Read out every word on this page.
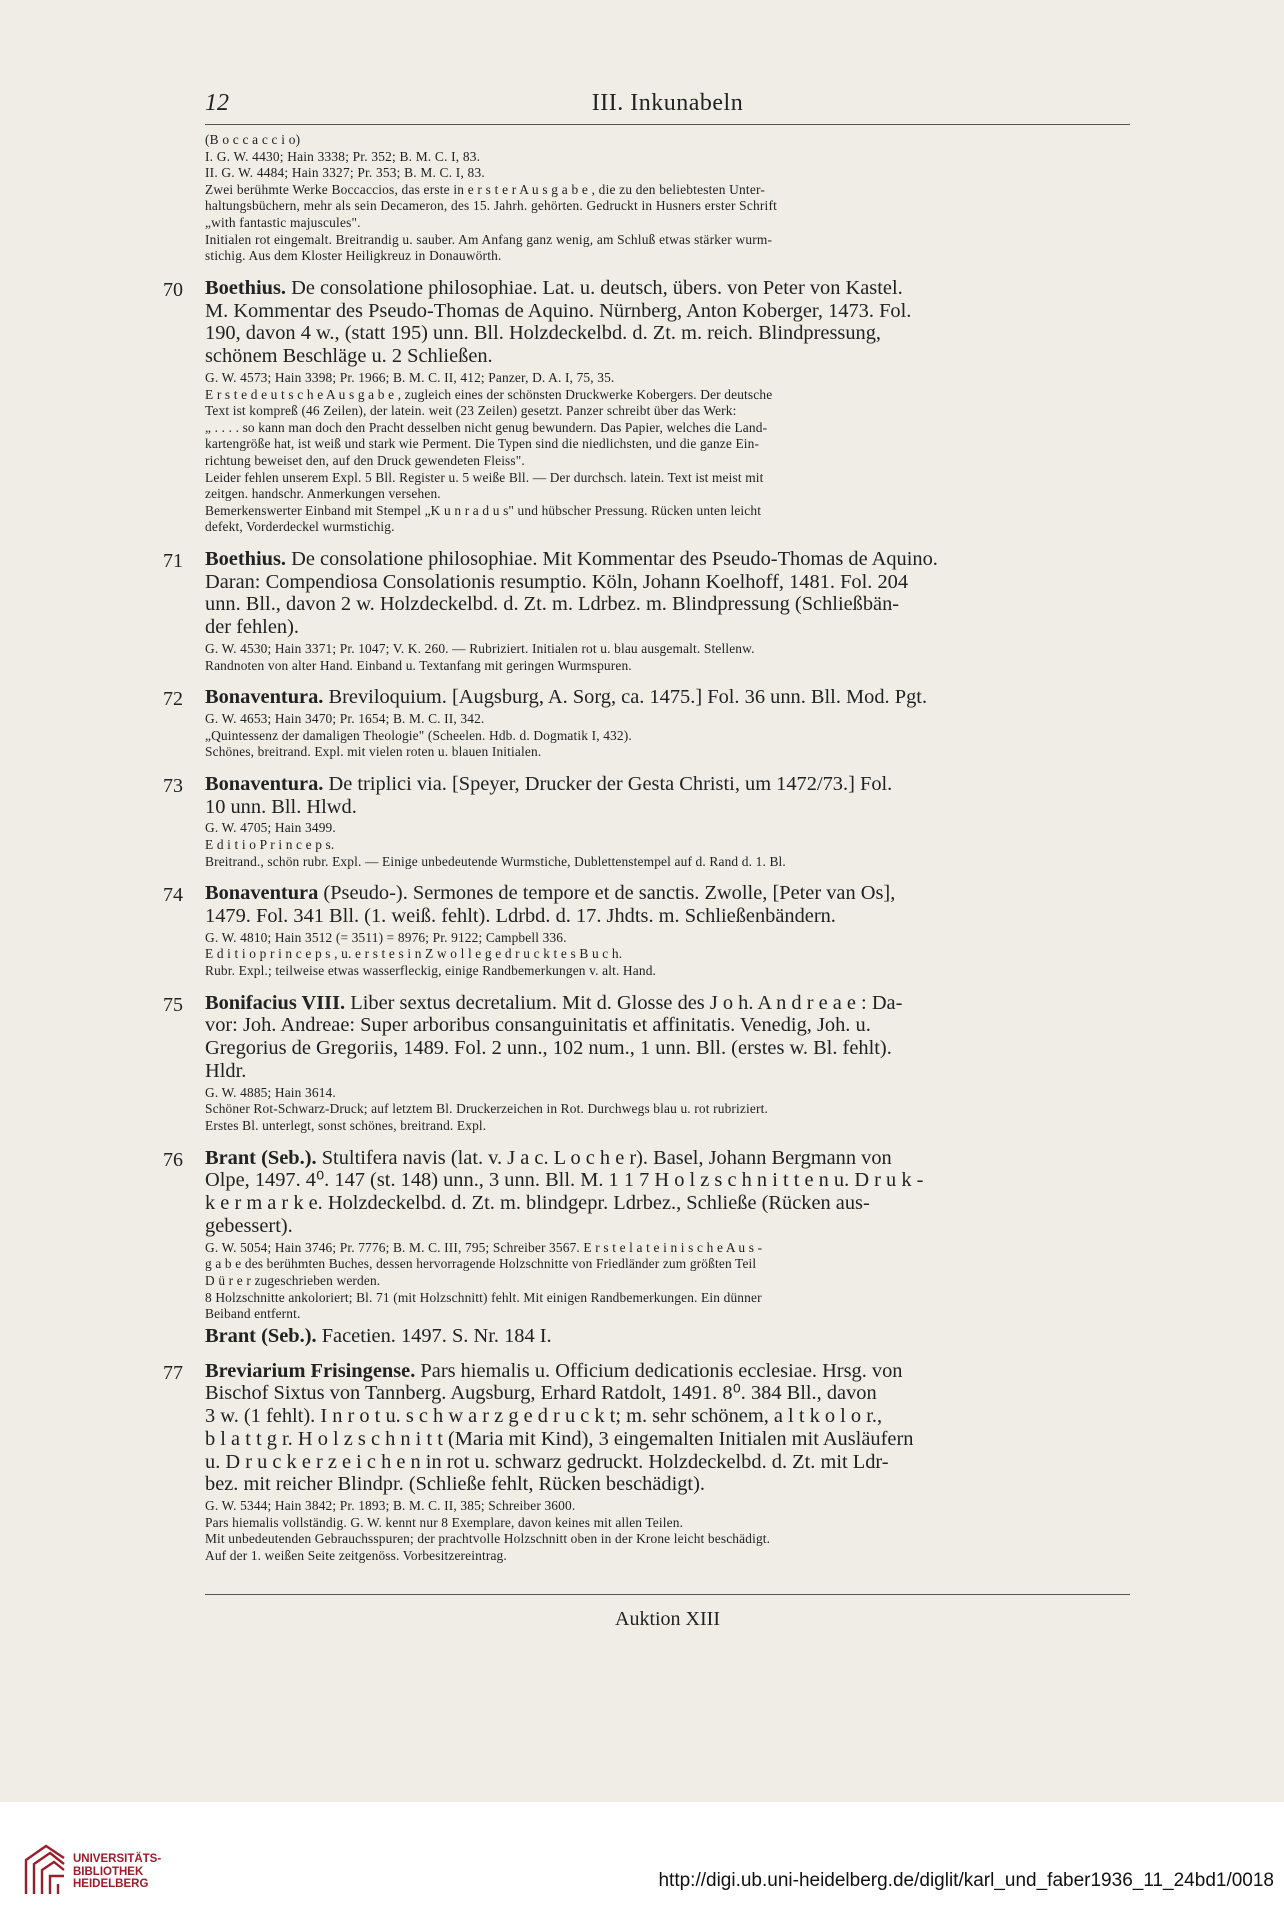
12	III. Inkunabeln
(B o c c a c c i o)
I. G. W. 4430; Hain 3338; Pr. 352; B. M. C. I, 83.
II. G. W. 4484; Hain 3327; Pr. 353; B. M. C. I, 83.
Zwei berühmte Werke Boccaccios, das erste in e r s t e r A u s g a b e , die zu den beliebtesten Unter-
haltungsbüchern, mehr als sein Decameron, des 15. Jahrh. gehörten. Gedruckt in Husners erster Schrift
„with fantastic majuscules".
Initialen rot eingemalt. Breitrandig u. sauber. Am Anfang ganz wenig, am Schluß etwas stärker wurm-
stichig. Aus dem Kloster Heiligkreuz in Donauwörth.
70 Boethius. De consolatione philosophiae. Lat. u. deutsch, übers. von Peter von Kastel.
M. Kommentar des Pseudo-Thomas de Aquino. Nürnberg, Anton Koberger, 1473. Fol.
190, davon 4 w., (statt 195) unn. Bll. Holzdeckelbd. d. Zt. m. reich. Blindpressung,
schönem Beschläge u. 2 Schließen.
G. W. 4573; Hain 3398; Pr. 1966; B. M. C. II, 412; Panzer, D. A. I, 75, 35.
E r s t e d e u t s c h e A u s g a b e , zugleich eines der schönsten Druckwerke Kobergers. Der deutsche
Text ist kompreß (46 Zeilen), der latein. weit (23 Zeilen) gesetzt. Panzer schreibt über das Werk:
„ . . . . so kann man doch den Pracht desselben nicht genug bewundern. Das Papier, welches die Land-
kartengröße hat, ist weiß und stark wie Perment. Die Typen sind die niedlichsten, und die ganze Ein-
richtung beweiset den, auf den Druck gewendeten Fleiss".
Leider fehlen unserem Expl. 5 Bll. Register u. 5 weiße Bll. — Der durchsch. latein. Text ist meist mit
zeitgen. handschr. Anmerkungen versehen.
Bemerkenswerter Einband mit Stempel „K u n r a d u s" und hübscher Pressung. Rücken unten leicht
defekt, Vorderdeckel wurmstichig.
71 Boethius. De consolatione philosophiae. Mit Kommentar des Pseudo-Thomas de Aquino.
Daran: Compendiosa Consolationis resumptio. Köln, Johann Koelhoff, 1481. Fol. 204
unn. Bll., davon 2 w. Holzdeckelbd. d. Zt. m. Ldrbez. m. Blindpressung (Schließbän-
der fehlen).
G. W. 4530; Hain 3371; Pr. 1047; V. K. 260. — Rubriziert. Initialen rot u. blau ausgemalt. Stellenw.
Randnoten von alter Hand. Einband u. Textanfang mit geringen Wurmspuren.
72 Bonaventura. Breviloquium. [Augsburg, A. Sorg, ca. 1475.] Fol. 36 unn. Bll. Mod. Pgt.
G. W. 4653; Hain 3470; Pr. 1654; B. M. C. II, 342.
„Quintessenz der damaligen Theologie" (Scheelen. Hdb. d. Dogmatik I, 432).
Schönes, breitrand. Expl. mit vielen roten u. blauen Initialen.
73 Bonaventura. De triplici via. [Speyer, Drucker der Gesta Christi, um 1472/73.] Fol.
10 unn. Bll. Hlwd.
G. W. 4705; Hain 3499.
E d i t i o P r i n c e p s.
Breitrand., schön rubr. Expl. — Einige unbedeutende Wurmstiche, Dublettenstempel auf d. Rand d. 1. Bl.
74 Bonaventura (Pseudo-). Sermones de tempore et de sanctis. Zwolle, [Peter van Os],
1479. Fol. 341 Bll. (1. weiß. fehlt). Ldrbd. d. 17. Jhdts. m. Schließenbändern.
G. W. 4810; Hain 3512 (= 3511) = 8976; Pr. 9122; Campbell 336.
E d i t i o p r i n c e p s , u. e r s t e s i n Z w o l l e g e d r u c k t e s B u c h.
Rubr. Expl.; teilweise etwas wasserfleckig, einige Randbemerkungen v. alt. Hand.
75 Bonifacius VIII. Liber sextus decretalium. Mit d. Glosse des J o h. A n d r e a e : Da-
vor: Joh. Andreae: Super arboribus consanguinitatis et affinitatis. Venedig, Joh. u.
Gregorius de Gregoriis, 1489. Fol. 2 unn., 102 num., 1 unn. Bll. (erstes w. Bl. fehlt).
Hldr.
G. W. 4885; Hain 3614.
Schöner Rot-Schwarz-Druck; auf letztem Bl. Druckerzeichen in Rot. Durchwegs blau u. rot rubriziert.
Erstes Bl. unterlegt, sonst schönes, breitrand. Expl.
76 Brant (Seb.). Stultifera navis (lat. v. J a c. L o c h e r). Basel, Johann Bergmann von
Olpe, 1497. 4⁰. 147 (st. 148) unn., 3 unn. Bll. M. 1 1 7 H o l z s c h n i t t e n u. D r u k -
k e r m a r k e. Holzdeckelbd. d. Zt. m. blindgepr. Ldrbez., Schließe (Rücken aus-
gebessert).
G. W. 5054; Hain 3746; Pr. 7776; B. M. C. III, 795; Schreiber 3567. E r s t e l a t e i n i s c h e A u s -
g a b e des berühmten Buches, dessen hervorragende Holzschnitte von Friedländer zum größten Teil
D ü r e r zugeschrieben werden.
8 Holzschnitte ankoloriert; Bl. 71 (mit Holzschnitt) fehlt. Mit einigen Randbemerkungen. Ein dünner
Beiband entfernt.
Brant (Seb.). Facetien. 1497. S. Nr. 184 I.
77 Breviarium Frisingense. Pars hiemalis u. Officium dedicationis ecclesiae. Hrsg. von
Bischof Sixtus von Tannberg. Augsburg, Erhard Ratdolt, 1491. 8⁰. 384 Bll., davon
3 w. (1 fehlt). I n r o t u. s c h w a r z g e d r u c k t; m. sehr schönem, a l t k o l o r.,
b l a t t g r. H o l z s c h n i t t (Maria mit Kind), 3 eingemalten Initialen mit Ausläufern
u. D r u c k e r z e i c h e n in rot u. schwarz gedruckt. Holzdeckelbd. d. Zt. mit Ldr-
bez. mit reicher Blindpr. (Schließe fehlt, Rücken beschädigt).
G. W. 5344; Hain 3842; Pr. 1893; B. M. C. II, 385; Schreiber 3600.
Pars hiemalis vollständig. G. W. kennt nur 8 Exemplare, davon keines mit allen Teilen.
Mit unbedeutenden Gebrauchsspuren; der prachtvolle Holzschnitt oben in der Krone leicht beschädigt.
Auf der 1. weißen Seite zeitgenöss. Vorbesitzereintrag.
Auktion XIII
UNIVERSITÄTS-
BIBLIOTHEK
HEIDELBERG	http://digi.ub.uni-heidelberg.de/diglit/karl_und_faber1936_11_24bd1/0018
